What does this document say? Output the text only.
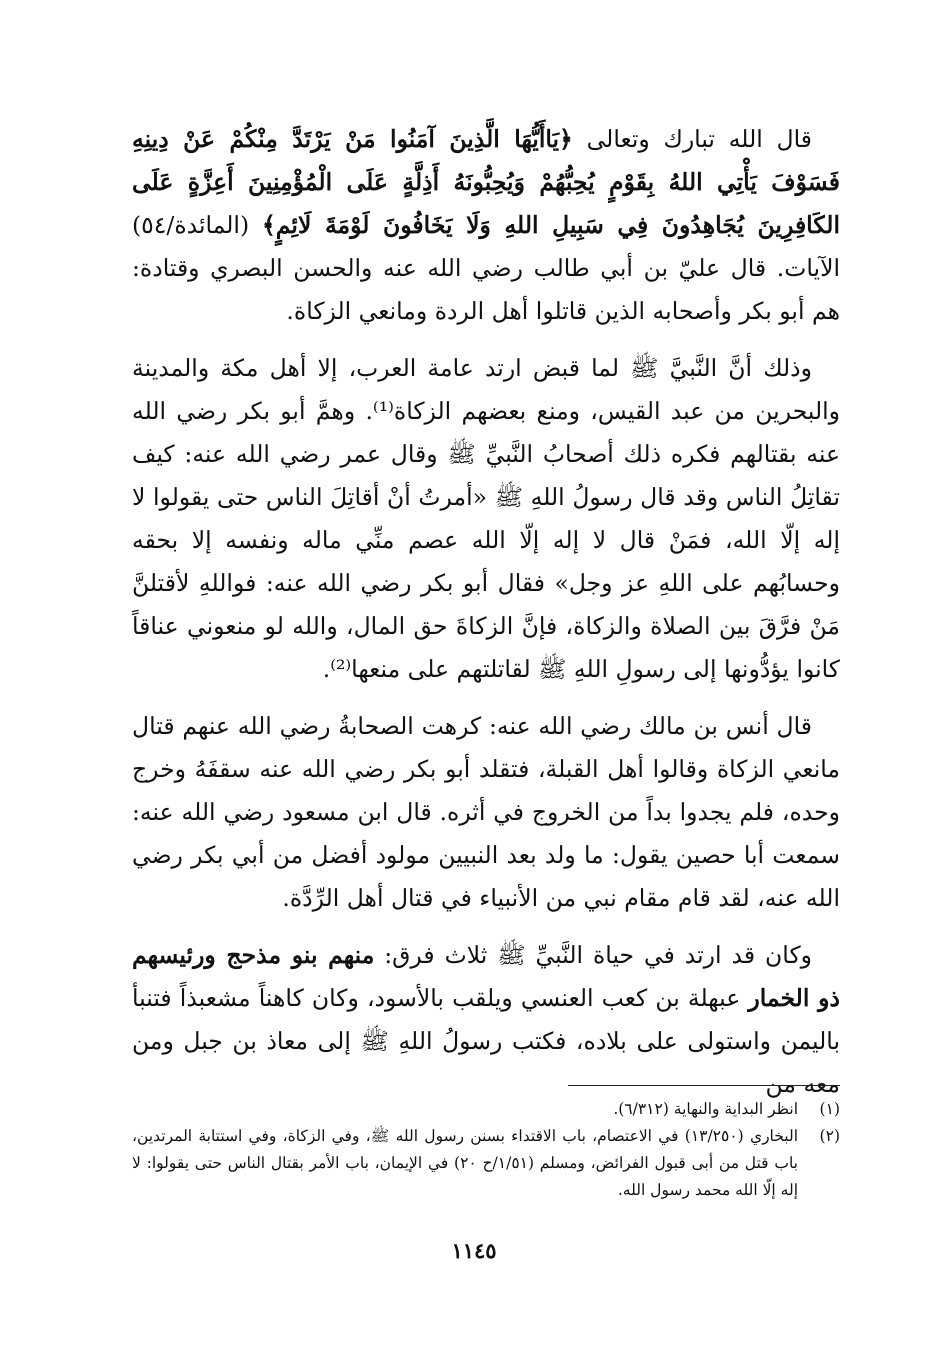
قال الله تبارك وتعالى ﴿يَاأَيُّهَا الَّذِينَ آمَنُوا مَنْ يَرْتَدَّ مِنْكُمْ عَنْ دِينِهِ فَسَوْفَ يَأْتِي اللهُ بِقَوْمٍ يُحِبُّهُمْ وَيُحِبُّونَهُ أَذِلَّةٍ عَلَى الْمُؤْمِنِينَ أَعِزَّةٍ عَلَى الكَافِرِينَ يُجَاهِدُونَ فِي سَبِيلِ اللهِ وَلَا يَخَافُونَ لَوْمَةَ لَائِمٍ﴾ (المائدة/٥٤) الآيات. قال عليّ بن أبي طالب رضي الله عنه والحسن البصري وقتادة: هم أبو بكر وأصحابه الذين قاتلوا أهل الردة ومانعي الزكاة.

وذلك أنَّ النَّبيَّ ﷺ لما قبض ارتد عامة العرب، إلا أهل مكة والمدينة والبحرين من عبد القيس، ومنع بعضهم الزكاة⁽¹⁾. وهمَّ أبو بكر رضي الله عنه بقتالهم فكره ذلك أصحابُ النَّبيِّ ﷺ وقال عمر رضي الله عنه: كيف تقاتِلُ الناس وقد قال رسولُ اللهِ ﷺ «أمرتُ أنْ أقاتِلَ الناس حتى يقولوا لا إله إلّا الله، فمَنْ قال لا إله إلّا الله عصم منِّي ماله ونفسه إلا بحقه وحسابُهم على اللهِ عز وجل» فقال أبو بكر رضي الله عنه: فواللهِ لأقتلنَّ مَنْ فرَّقَ بين الصلاة والزكاة، فإنَّ الزكاةَ حق المال، والله لو منعوني عناقاً كانوا يؤدُّونها إلى رسولِ اللهِ ﷺ لقاتلتهم على منعها⁽²⁾.

قال أنس بن مالك رضي الله عنه: كرهت الصحابةُ رضي الله عنهم قتال مانعي الزكاة وقالوا أهل القبلة، فتقلد أبو بكر رضي الله عنه سقفَهُ وخرج وحده، فلم يجدوا بداً من الخروج في أثره. قال ابن مسعود رضي الله عنه: سمعت أبا حصين يقول: ما ولد بعد النبيين مولود أفضل من أبي بكر رضي الله عنه، لقد قام مقام نبي من الأنبياء في قتال أهل الرِّدَّة.

وكان قد ارتد في حياة النَّبيِّ ﷺ ثلاث فرق: منهم بنو مذحج ورئيسهم ذو الخمار عبهلة بن كعب العنسي ويلقب بالأسود، وكان كاهناً مشعبذاً فتنبأ باليمن واستولى على بلاده، فكتب رسولُ اللهِ ﷺ إلى معاذ بن جبل ومن معه من

(١)
انظر البداية والنهاية (٦/٣١٢).
(٢)
البخاري (١٣/٢٥٠) في الاعتصام، باب الاقتداء بسنن رسول الله ﷺ، وفي الزكاة، وفي استتابة المرتدين، باب قتل من أبى قبول الفرائض، ومسلم (١/٥١/ح ٢٠) في الإيمان، باب الأمر بقتال الناس حتى يقولوا: لا إله إلّا الله محمد رسول الله.
١١٤٥
